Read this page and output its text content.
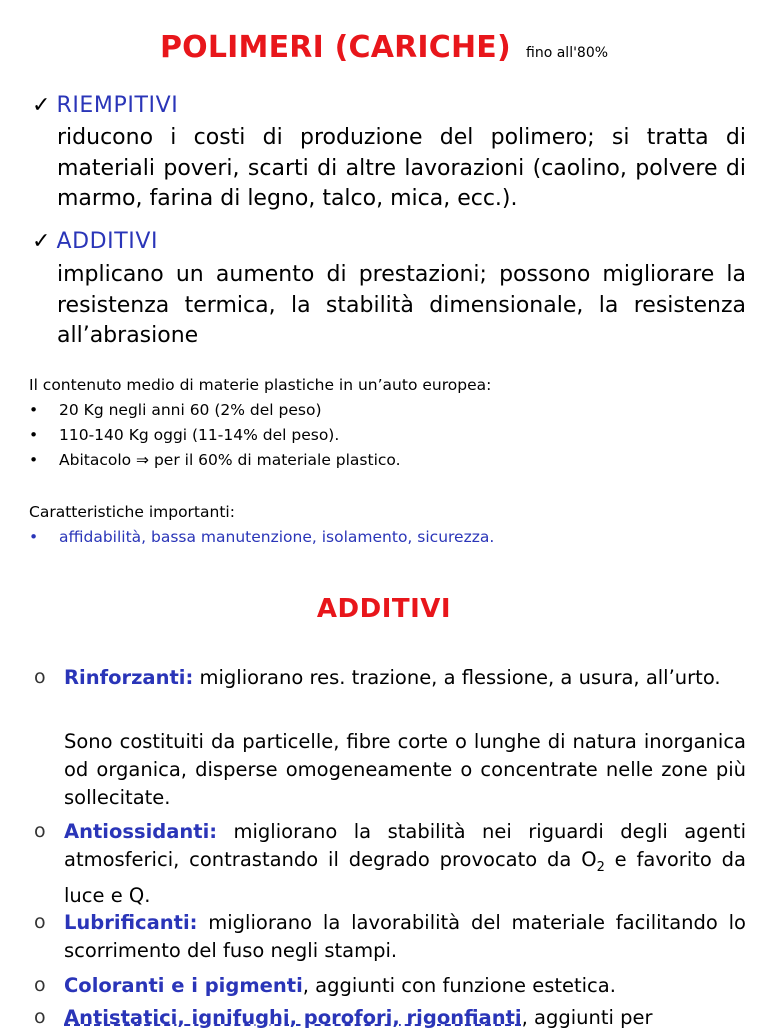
POLIMERI (CARICHE) fino all'80%
✓ RIEMPITIVI
riducono i costi di produzione del polimero; si tratta di materiali poveri, scarti di altre lavorazioni (caolino, polvere di marmo, farina di legno, talco, mica, ecc.).
✓ ADDITIVI
implicano un aumento di prestazioni; possono migliorare la resistenza termica, la stabilità dimensionale, la resistenza all’abrasione
Il contenuto medio di materie plastiche in un’auto europea:
• 20 Kg negli anni 60 (2% del peso)
• 110-140 Kg oggi (11-14% del peso).
• Abitacolo ⇒ per il 60% di materiale plastico.
Caratteristiche importanti:
• affidabilità, bassa manutenzione, isolamento, sicurezza.
ADDITIVI
o Rinforzanti: migliorano res. trazione, a flessione, a usura, all’urto.
Sono costituiti da particelle, fibre corte o lunghe di natura inorganica od organica, disperse omogeneamente o concentrate nelle zone più sollecitate.
o Antiossidanti: migliorano la stabilità nei riguardi degli agenti atmosferici, contrastando il degrado provocato da $O_2$ e favorito da luce e Q.
o Lubrificanti: migliorano la lavorabilità del materiale facilitando lo scorrimento del fuso negli stampi.
o Coloranti e i pigmenti, aggiunti con funzione estetica.
o Antistatici, ignifughi, porofori, rigonfianti, aggiunti per
